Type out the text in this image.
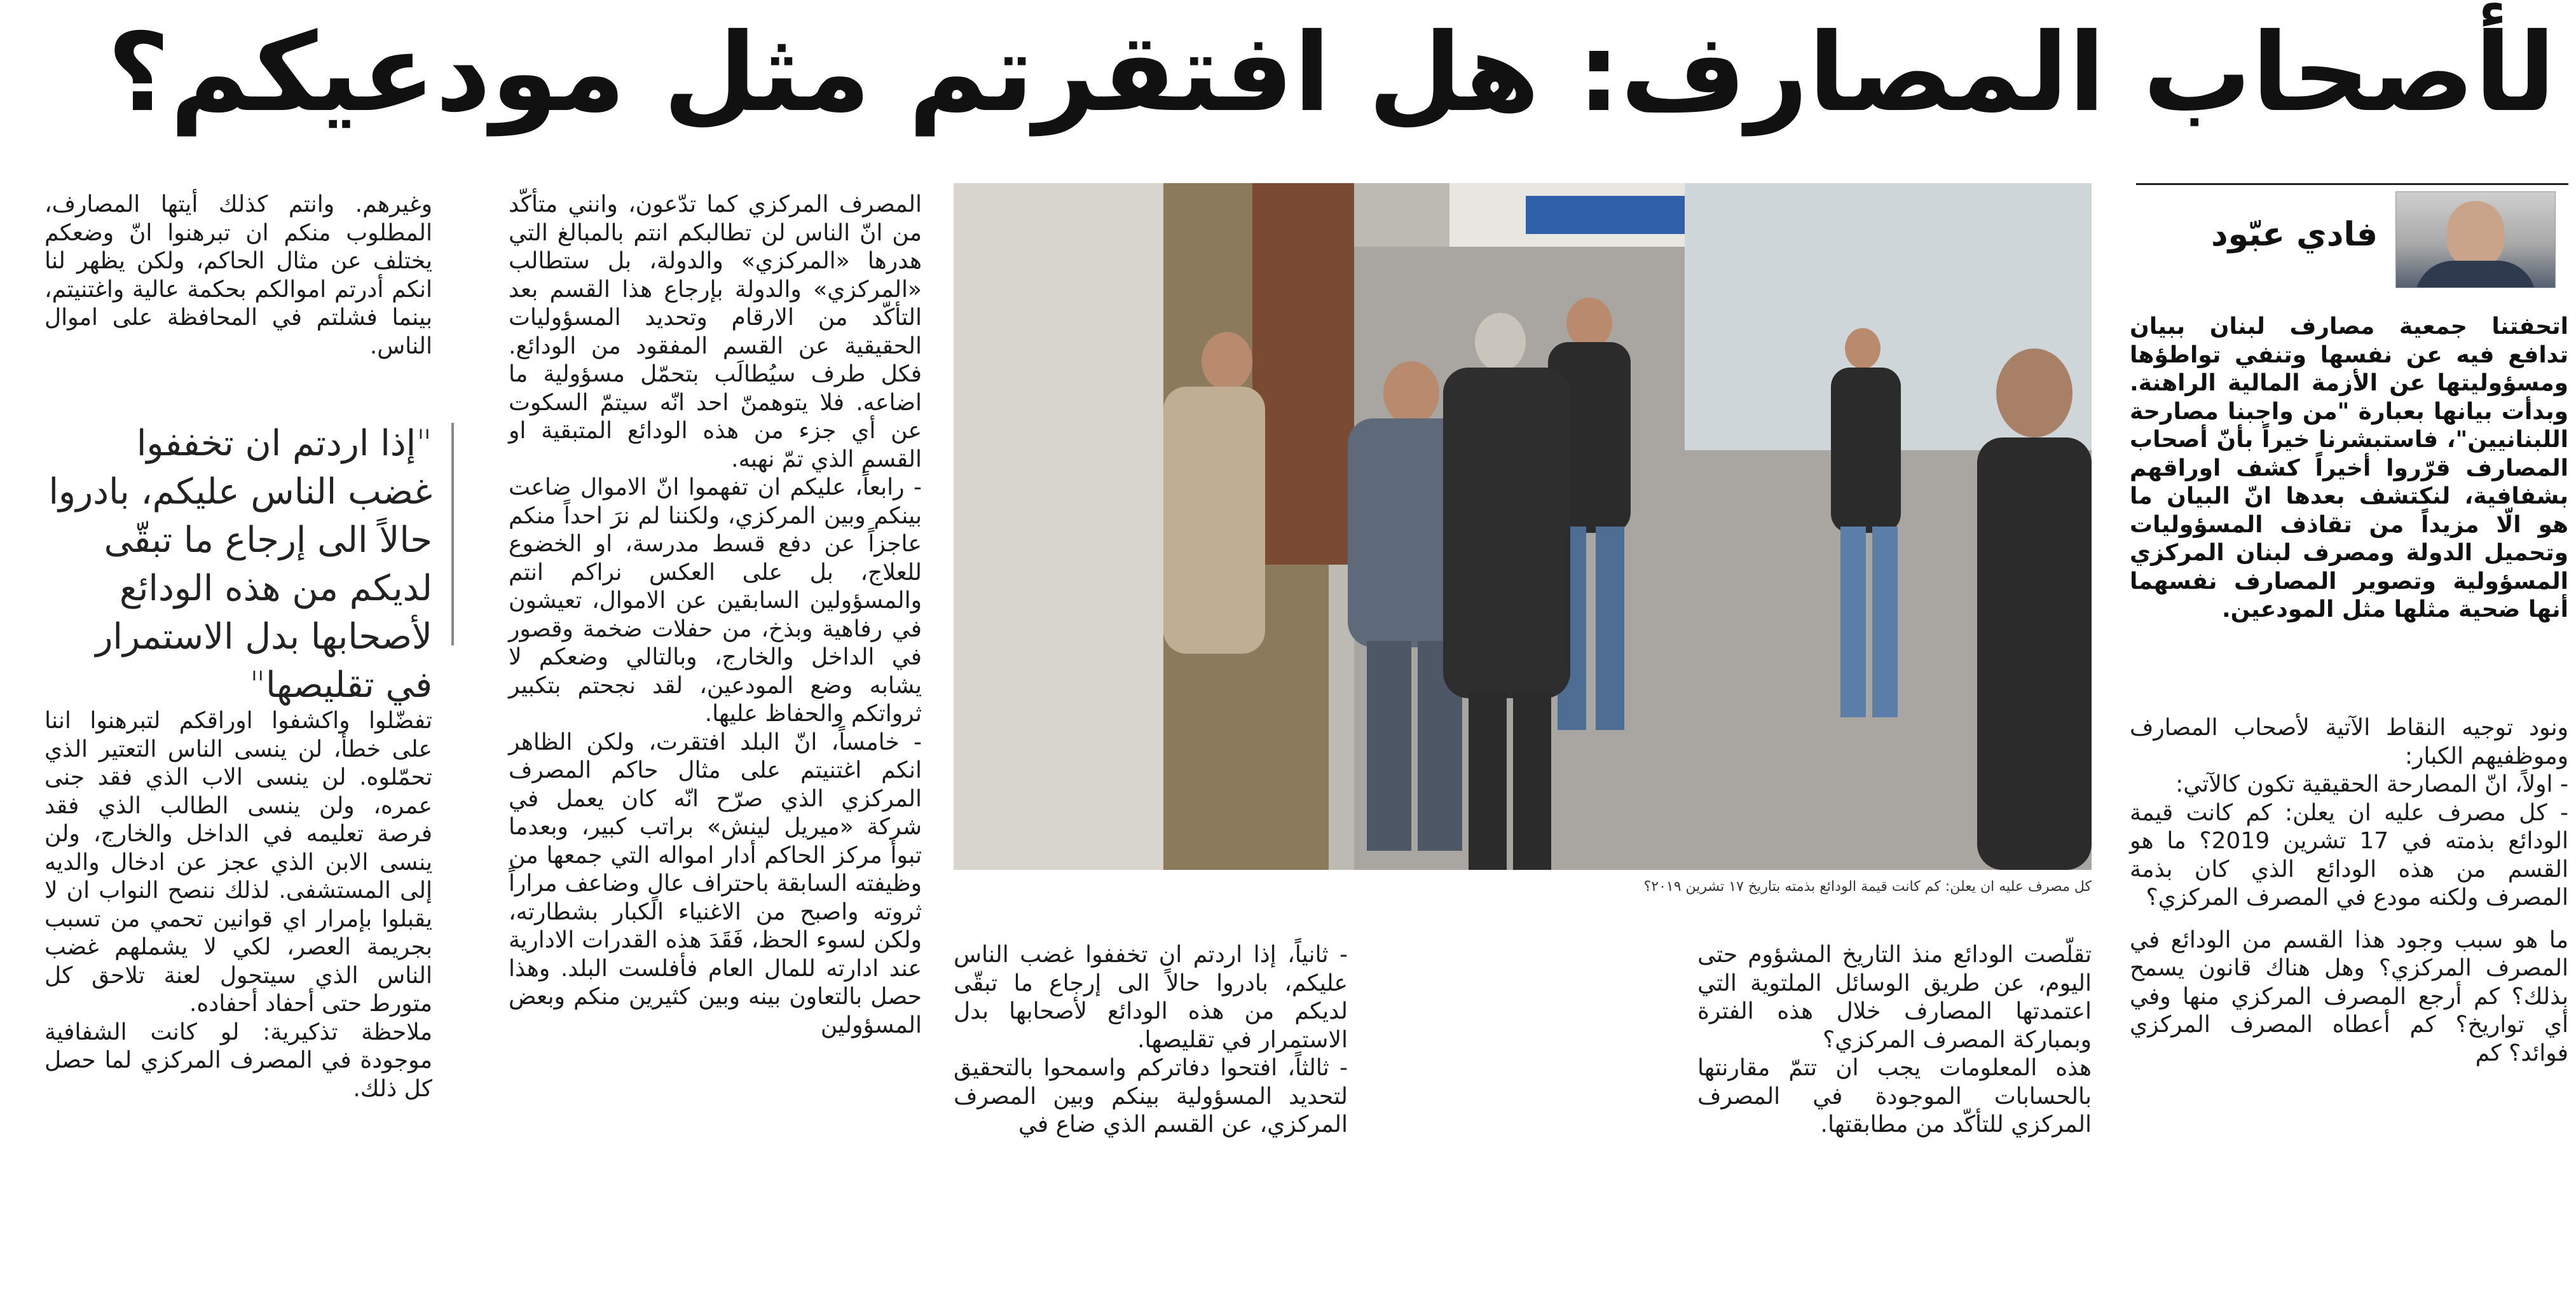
لأصحاب المصارف: هل افتقرتم مثل مودعيكم؟
فادي عبّود

اتحفتنا جمعية مصارف لبنان ببيان تدافع فيه عن نفسها وتنفي تواطؤها ومسؤوليتها عن الأزمة المالية الراهنة. وبدأت بيانها بعبارة "من واجبنا مصارحة اللبنانيين"، فاستبشرنا خيراً بأنّ أصحاب المصارف قرّروا أخيراً كشف اوراقهم بشفافية، لنكتشف بعدها انّ البيان ما هو الّا مزيداً من تقاذف المسؤوليات وتحميل الدولة ومصرف لبنان المركزي المسؤولية وتصوير المصارف نفسهما أنها ضحية مثلها مثل المودعين.

ونود توجيه النقاط الآتية لأصحاب المصارف وموظفيهم الكبار:

- اولاً، انّ المصارحة الحقيقية تكون كالآتي:

- كل مصرف عليه ان يعلن: كم كانت قيمة الودائع بذمته في 17 تشرين 2019؟ ما هو القسم من هذه الودائع الذي كان بذمة المصرف ولكنه مودع في المصرف المركزي؟

ما هو سبب وجود هذا القسم من الودائع في المصرف المركزي؟ وهل هناك قانون يسمح بذلك؟ كم أرجع المصرف المركزي منها وفي أي تواريخ؟ كم أعطاه المصرف المركزي فوائد؟ كم

كل مصرف عليه ان يعلن: كم كانت قيمة الودائع بذمته بتاريخ ١٧ تشرين ٢٠١٩؟

تقلّصت الودائع منذ التاريخ المشؤوم حتى اليوم، عن طريق الوسائل الملتوية التي اعتمدتها المصارف خلال هذه الفترة وبمباركة المصرف المركزي؟

هذه المعلومات يجب ان تتمّ مقارنتها بالحسابات الموجودة في المصرف المركزي للتأكّد من مطابقتها.

- ثانياً، إذا اردتم ان تخففوا غضب الناس عليكم، بادروا حالاً الى إرجاع ما تبقّى لديكم من هذه الودائع لأصحابها بدل الاستمرار في تقليصها.

- ثالثاً، افتحوا دفاتركم واسمحوا بالتحقيق لتحديد المسؤولية بينكم وبين المصرف المركزي، عن القسم الذي ضاع في

المصرف المركزي كما تدّعون، وانني متأكّد من انّ الناس لن تطالبكم انتم بالمبالغ التي هدرها «المركزي» والدولة، بل ستطالب «المركزي» والدولة بإرجاع هذا القسم بعد التأكّد من الارقام وتحديد المسؤوليات الحقيقية عن القسم المفقود من الودائع. فكل طرف سيُطالَب بتحمّل مسؤولية ما اضاعه. فلا يتوهمنّ احد انّه سيتمّ السكوت عن أي جزء من هذه الودائع المتبقية او القسم الذي تمّ نهبه.

- رابعاً، عليكم ان تفهموا انّ الاموال ضاعت بينكم وبين المركزي، ولكننا لم نرَ احداً منكم عاجزاً عن دفع قسط مدرسة، او الخضوع للعلاج، بل على العكس نراكم انتم والمسؤولين السابقين عن الاموال، تعيشون في رفاهية وبذخ، من حفلات ضخمة وقصور في الداخل والخارج، وبالتالي وضعكم لا يشابه وضع المودعين، لقد نجحتم بتكبير ثرواتكم والحفاظ عليها.

- خامساً، انّ البلد افتقرت، ولكن الظاهر انكم اغتنيتم على مثال حاكم المصرف المركزي الذي صرّح انّه كان يعمل في شركة «ميريل لينش» براتب كبير، وبعدما تبوأ مركز الحاكم أدار امواله التي جمعها من وظيفته السابقة باحتراف عالٍ وضاعف مراراً ثروته واصبح من الاغنياء الكبار بشطارته، ولكن لسوء الحظ، فَقَدَ هذه القدرات الادارية عند ادارته للمال العام فأفلست البلد. وهذا حصل بالتعاون بينه وبين كثيرين منكم وبعض المسؤولين

وغيرهم. وانتم كذلك أيتها المصارف، المطلوب منكم ان تبرهنوا انّ وضعكم يختلف عن مثال الحاكم، ولكن يظهر لنا انكم أدرتم اموالكم بحكمة عالية واغتنيتم، بينما فشلتم في المحافظة على اموال الناس.

"إذا اردتم ان تخففوا غضب الناس عليكم، بادروا حالاً الى إرجاع ما تبقّى لديكم من هذه الودائع لأصحابها بدل الاستمرار في تقليصها"

تفضّلوا واكشفوا اوراقكم لتبرهنوا اننا على خطأ، لن ينسى الناس التعتير الذي تحمّلوه. لن ينسى الاب الذي فقد جنى عمره، ولن ينسى الطالب الذي فقد فرصة تعليمه في الداخل والخارج، ولن ينسى الابن الذي عجز عن ادخال والديه إلى المستشفى. لذلك ننصح النواب ان لا يقبلوا بإمرار اي قوانين تحمي من تسبب بجريمة العصر، لكي لا يشملهم غضب الناس الذي سيتحول لعنة تلاحق كل متورط حتى أحفاد أحفاده.

ملاحظة تذكيرية: لو كانت الشفافية موجودة في المصرف المركزي لما حصل كل ذلك.
